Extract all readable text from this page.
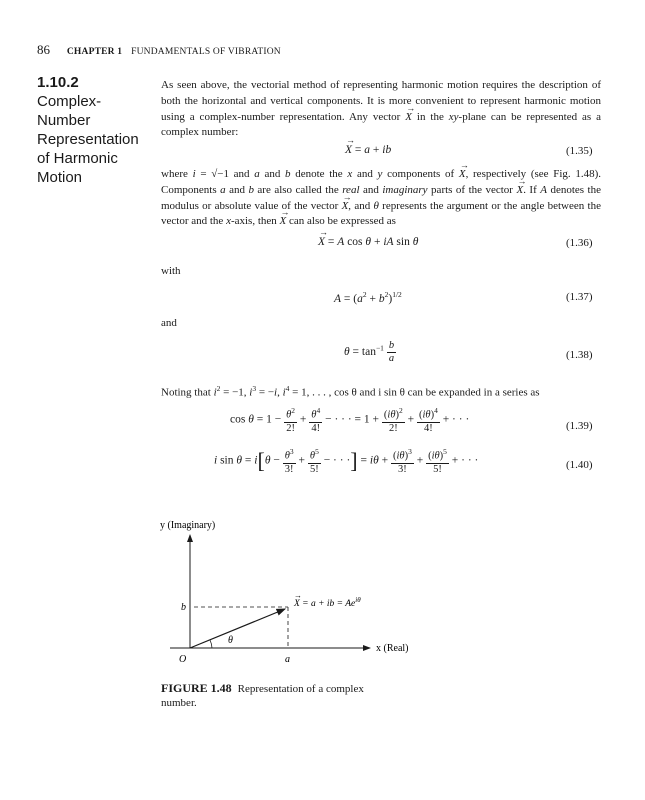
86 CHAPTER 1 FUNDAMENTALS OF VIBRATION
1.10.2
Complex-
Number
Representation
of Harmonic
Motion
As seen above, the vectorial method of representing harmonic motion requires the description of both the horizontal and vertical components. It is more convenient to represent harmonic motion using a complex-number representation. Any vector → X in the xy-plane can be represented as a complex number:
→ X = a + ib	(1.35)
where i = √−1 and a and b denote the x and y components of → X, respectively (see Fig. 1.48). Components a and b are also called the real and imaginary parts of the vector → X. If A denotes the modulus or absolute value of the vector → X, and θ represents the argument or the angle between the vector and the x-axis, then → X can also be expressed as
→ X = A cos θ + iA sin θ	(1.36)
with
$A = (a^2 + b^2)^{1/2}$	(1.37)
and
$\theta = \tan^{-1} \frac{b}{a}$	(1.38)
Noting that $i^2 = -1$, $i^3 = -i$, $i^4 = 1$, . . . , cos θ and i sin θ can be expanded in a series as
$\cos \theta = 1 - \frac{\theta^2}{2!} + \frac{\theta^4}{4!}$ − · · · = $1 + \frac{(i\theta)^2}{2!} + \frac{(i\theta)^4}{4!}$ + · · ·
(1.39)
i $\sin \theta = i[\theta - \frac{\theta^3}{3!} + \frac{\theta^5}{5!}$ − · · ·] = $i\theta + \frac{(i\theta)^3}{3!} + \frac{(i\theta)^5}{5!}$ + · · ·	(1.40)
y (Imaginary)
x (Real)
O
b
a
θ
X = a + ib = $Ae^{i\theta}$
→
FIGURE 1.48 Representation of a complex number.
